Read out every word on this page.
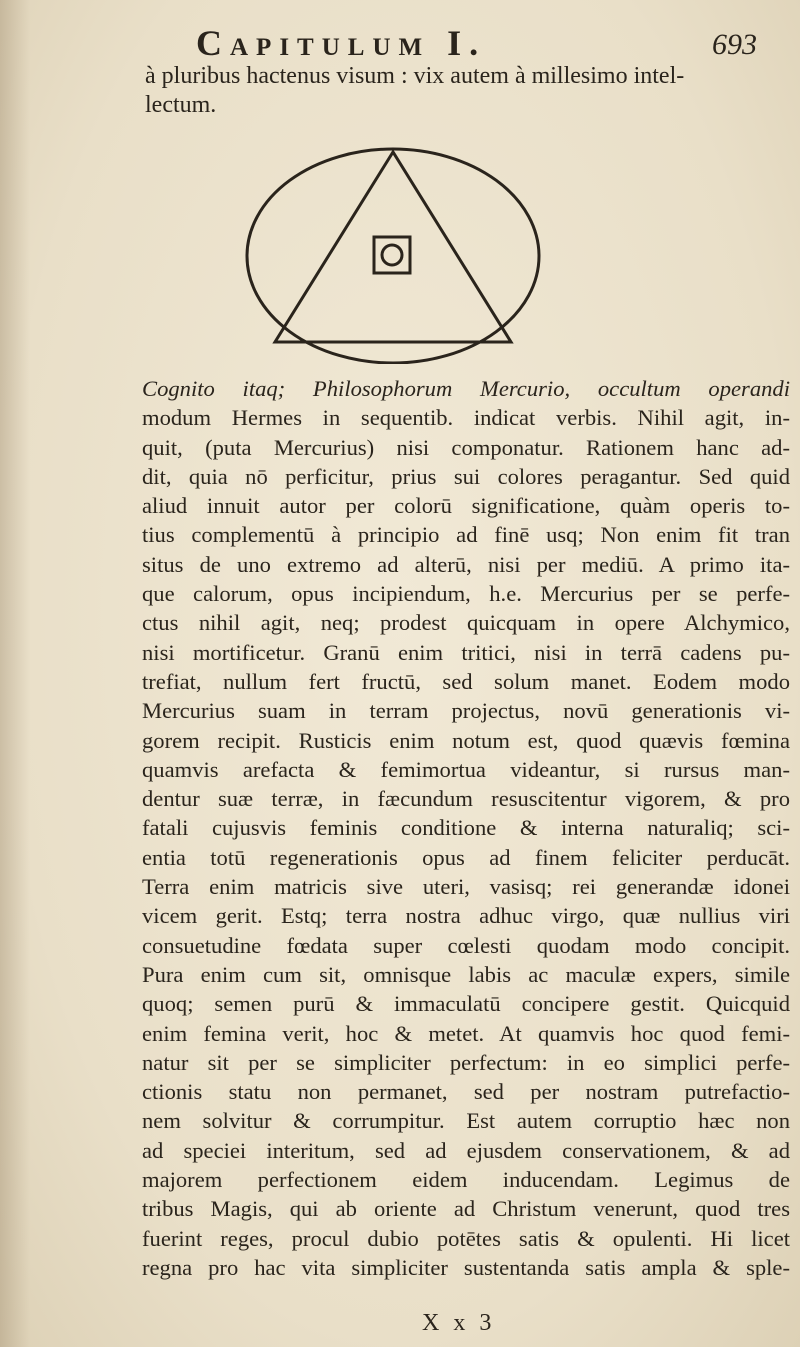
Capitulum I.	693
à pluribus hactenus visum : vix autem à millesimo intel-
lectum.
Cognito itaq; Philosophorum Mercurio, occultum operandi
modum Hermes in sequentib. indicat verbis. Nihil agit, in-
quit, (puta Mercurius) nisi componatur. Rationem hanc ad-
dit, quia nō perficitur, prius sui colores peragantur. Sed quid
aliud innuit autor per colorū significatione, quàm operis to-
tius complementū à principio ad finē usq; Non enim fit tran
situs de uno extremo ad alterū, nisi per mediū. A primo ita-
que calorum, opus incipiendum, h.e. Mercurius per se perfe-
ctus nihil agit, neq; prodest quicquam in opere Alchymico,
nisi mortificetur. Granū enim tritici, nisi in terrā cadens pu-
trefiat, nullum fert fructū, sed solum manet. Eodem modo
Mercurius suam in terram projectus, novū generationis vi-
gorem recipit. Rusticis enim notum est, quod quævis fœmina
quamvis arefacta & femimortua videantur, si rursus man-
dentur suæ terræ, in fæcundum resuscitentur vigorem, & pro
fatali cujusvis feminis conditione & interna naturaliq; sci-
entia totū regenerationis opus ad finem feliciter perducāt.
Terra enim matricis sive uteri, vasisq; rei generandæ idonei
vicem gerit. Estq; terra nostra adhuc virgo, quæ nullius viri
consuetudine fœdata super cœlesti quodam modo concipit.
Pura enim cum sit, omnisque labis ac maculæ expers, simile
quoq; semen purū & immaculatū concipere gestit. Quicquid
enim femina verit, hoc & metet. At quamvis hoc quod femi-
natur sit per se simpliciter perfectum: in eo simplici perfe-
ctionis statu non permanet, sed per nostram putrefactio-
nem solvitur & corrumpitur. Est autem corruptio hæc non
ad speciei interitum, sed ad ejusdem conservationem, & ad
majorem perfectionem eidem inducendam. Legimus de
tribus Magis, qui ab oriente ad Christum venerunt, quod tres
fuerint reges, procul dubio potētes satis & opulenti. Hi licet
regna pro hac vita simpliciter sustentanda satis ampla & sple-
X x 3
